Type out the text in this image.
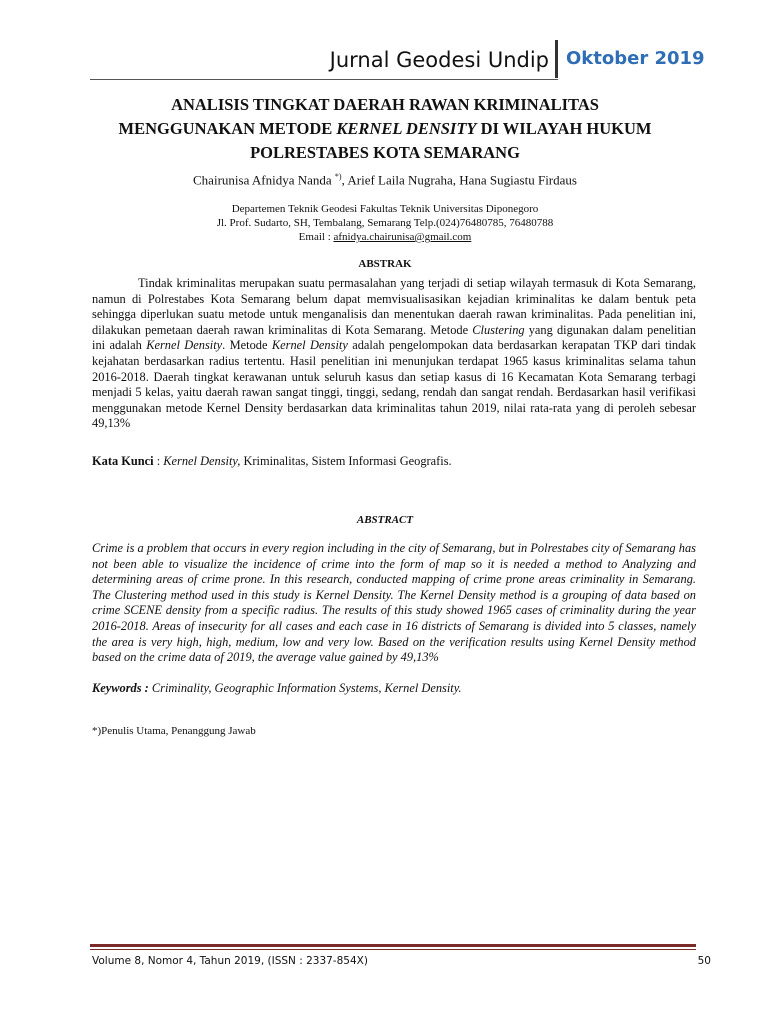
Jurnal Geodesi Undip Oktober 2019
ANALISIS TINGKAT DAERAH RAWAN KRIMINALITAS
MENGGUNAKAN METODE KERNEL DENSITY DI WILAYAH HUKUM
POLRESTABES KOTA SEMARANG
Chairunisa Afnidya Nanda *), Arief Laila Nugraha, Hana Sugiastu Firdaus
Departemen Teknik Geodesi Fakultas Teknik Universitas Diponegoro
Jl. Prof. Sudarto, SH, Tembalang, Semarang Telp.(024)76480785, 76480788
Email : afnidya.chairunisa@gmail.com
ABSTRAK

Tindak kriminalitas merupakan suatu permasalahan yang terjadi di setiap wilayah termasuk di Kota Semarang, namun di Polrestabes Kota Semarang belum dapat memvisualisasikan kejadian kriminalitas ke dalam bentuk peta sehingga diperlukan suatu metode untuk menganalisis dan menentukan daerah rawan kriminalitas. Pada penelitian ini, dilakukan pemetaan daerah rawan kriminalitas di Kota Semarang. Metode Clustering yang digunakan dalam penelitian ini adalah Kernel Density. Metode Kernel Density adalah pengelompokan data berdasarkan kerapatan TKP dari tindak kejahatan berdasarkan radius tertentu. Hasil penelitian ini menunjukan terdapat 1965 kasus kriminalitas selama tahun 2016-2018. Daerah tingkat kerawanan untuk seluruh kasus dan setiap kasus di 16 Kecamatan Kota Semarang terbagi menjadi 5 kelas, yaitu daerah rawan sangat tinggi, tinggi, sedang, rendah dan sangat rendah. Berdasarkan hasil verifikasi menggunakan metode Kernel Density berdasarkan data kriminalitas tahun 2019, nilai rata-rata yang di peroleh sebesar 49,13%

Kata Kunci : Kernel Density, Kriminalitas, Sistem Informasi Geografis.
ABSTRACT

Crime is a problem that occurs in every region including in the city of Semarang, but in Polrestabes city of Semarang has not been able to visualize the incidence of crime into the form of map so it is needed a method to Analyzing and determining areas of crime prone. In this research, conducted mapping of crime prone areas criminality in Semarang. The Clustering method used in this study is Kernel Density. The Kernel Density method is a grouping of data based on crime SCENE density from a specific radius. The results of this study showed 1965 cases of criminality during the year 2016-2018. Areas of insecurity for all cases and each case in 16 districts of Semarang is divided into 5 classes, namely the area is very high, high, medium, low and very low. Based on the verification results using Kernel Density method based on the crime data of 2019, the average value gained by 49,13%

Keywords : Criminality, Geographic Information Systems, Kernel Density.
*)Penulis Utama, Penanggung Jawab
Volume 8, Nomor 4, Tahun 2019, (ISSN : 2337-854X)	50
